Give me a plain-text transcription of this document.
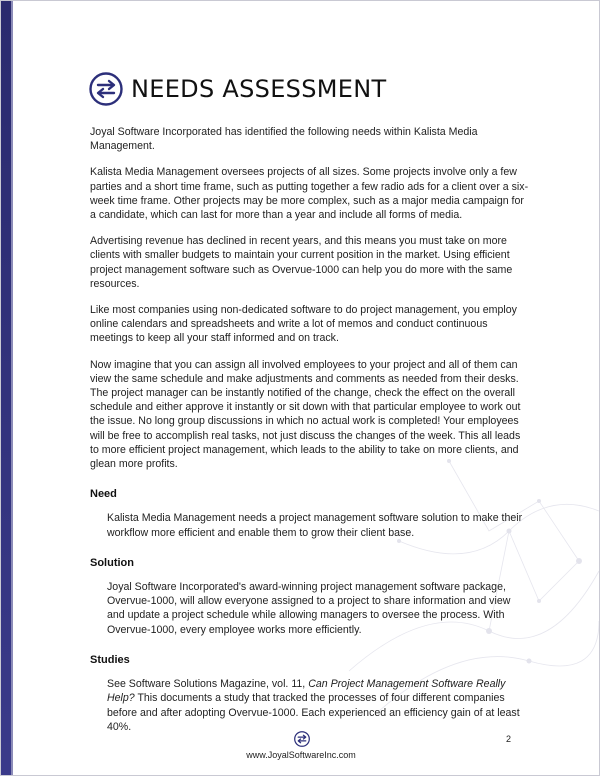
NEEDS ASSESSMENT

Joyal Software Incorporated has identified the following needs within Kalista Media Management.

Kalista Media Management oversees projects of all sizes. Some projects involve only a few parties and a short time frame, such as putting together a few radio ads for a client over a six-week time frame. Other projects may be more complex, such as a major media campaign for a candidate, which can last for more than a year and include all forms of media.

Advertising revenue has declined in recent years, and this means you must take on more clients with smaller budgets to maintain your current position in the market. Using efficient project management software such as Overvue-1000 can help you do more with the same resources.

Like most companies using non-dedicated software to do project management, you employ online calendars and spreadsheets and write a lot of memos and conduct continuous meetings to keep all your staff informed and on track.

Now imagine that you can assign all involved employees to your project and all of them can view the same schedule and make adjustments and comments as needed from their desks. The project manager can be instantly notified of the change, check the effect on the overall schedule and either approve it instantly or sit down with that particular employee to work out the issue. No long group discussions in which no actual work is completed! Your employees will be free to accomplish real tasks, not just discuss the changes of the week. This all leads to more efficient project management, which leads to the ability to take on more clients, and glean more profits.

Need

Kalista Media Management needs a project management software solution to make their workflow more efficient and enable them to grow their client base.

Solution

Joyal Software Incorporated's award-winning project management software package, Overvue-1000, will allow everyone assigned to a project to share information and view and update a project schedule while allowing managers to oversee the process. With Overvue-1000, every employee works more efficiently.

Studies

See Software Solutions Magazine, vol. 11, Can Project Management Software Really Help? This documents a study that tracked the processes of four different companies before and after adopting Overvue-1000. Each experienced an efficiency gain of at least 40%.

2
www.JoyalSoftwareInc.com
